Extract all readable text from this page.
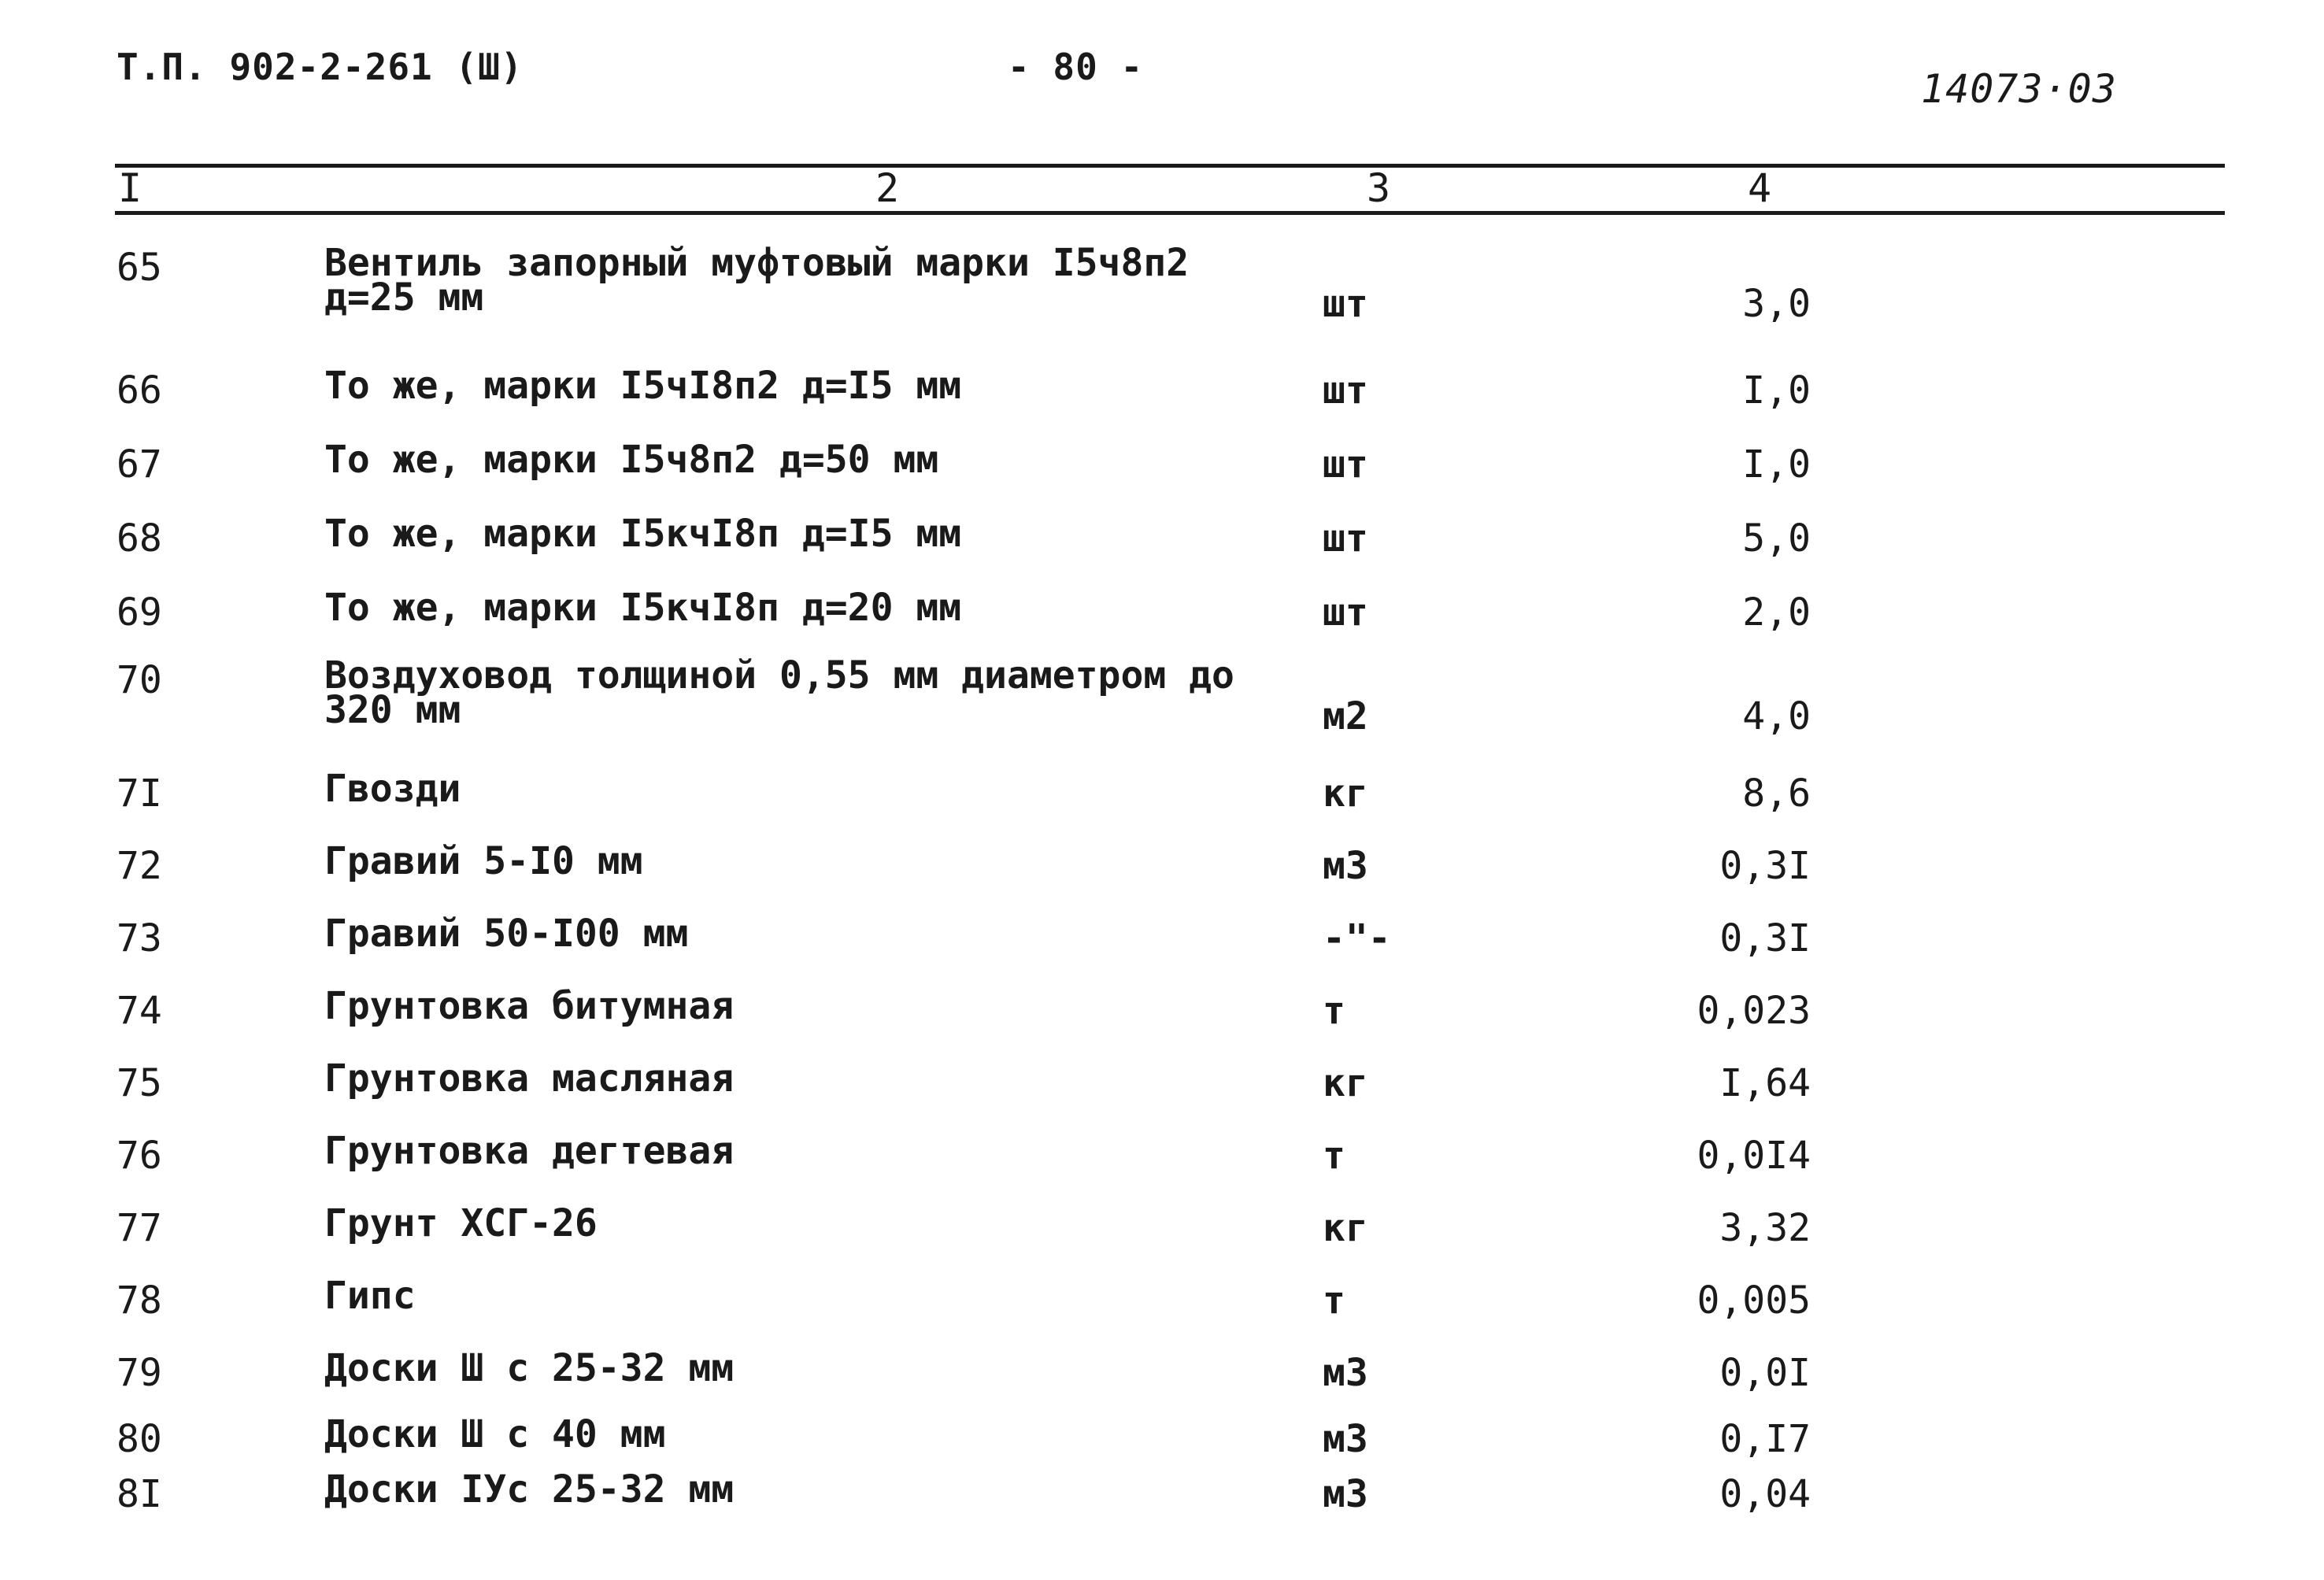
Т.П. 902-2-261 (Ш)	- 80 -	14073·03
I	2	3	4
65	Вентиль запорный муфтовый марки I5ч8п2
д=25 мм	шт	3,0
66	То же, марки I5чI8п2 д=I5 мм	шт	I,0
67	То же, марки I5ч8п2 д=50 мм	шт	I,0
68	То же, марки I5кчI8п д=I5 мм	шт	5,0
69	То же, марки I5кчI8п д=20 мм	шт	2,0
70	Воздуховод толщиной 0,55 мм диаметром до
320 мм	м2	4,0
7I	Гвозди	кг	8,6
72	Гравий 5-I0 мм	м3	0,3I
73	Гравий 50-I00 мм	-"-	0,3I
74	Грунтовка битумная	т	0,023
75	Грунтовка масляная	кг	I,64
76	Грунтовка дегтевая	т	0,0I4
77	Грунт ХСГ-26	кг	3,32
78	Гипс	т	0,005
79	Доски Ш с 25-32 мм	м3	0,0I
80	Доски Ш с 40 мм	м3	0,I7
8I	Доски IУс 25-32 мм	м3	0,04
